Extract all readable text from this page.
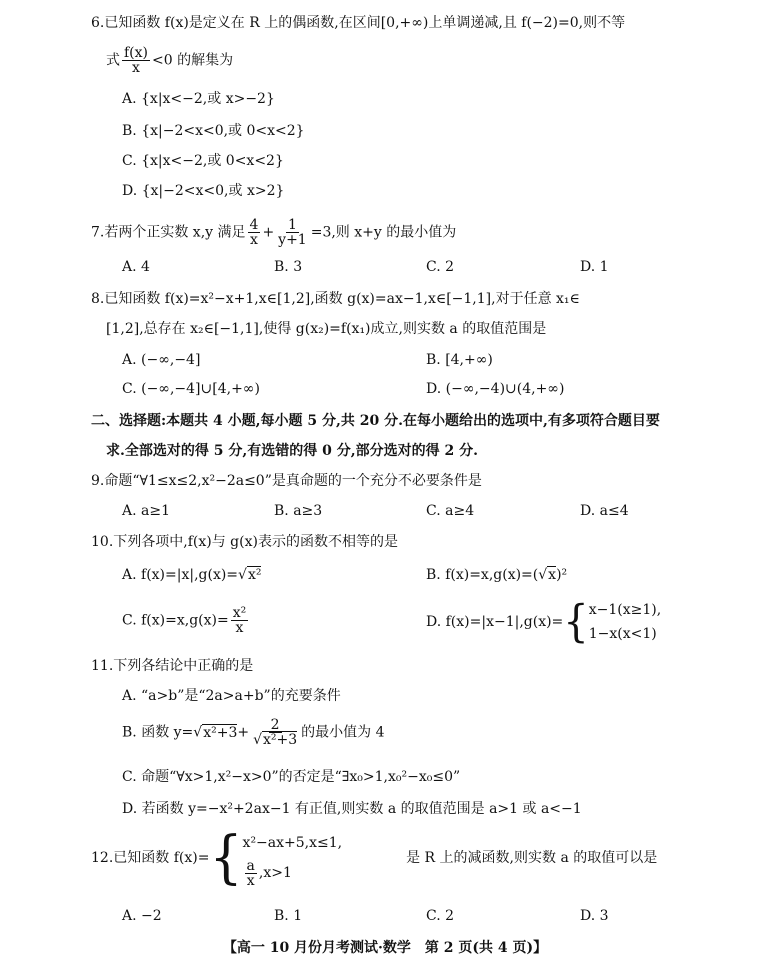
6.已知函数 f(x)是定义在 R 上的偶函数,在区间[0,+∞)上单调递减,且 f(−2)=0,则不等
式 $\frac{f(x)}{x} <0$ 的解集为
A. {x|x<−2,或 x>−2}
B. {x|−2<x<0,或 0<x<2}
C. {x|x<−2,或 0<x<2}
D. {x|−2<x<0,或 x>2}
7.若两个正实数 x,y 满足 $\frac{4}{x} + \frac{1}{y+1} =3$,则 x+y 的最小值为
A. 4	B. 3	C. 2	D. 1
8.已知函数 f(x)=x²−x+1,x∈[1,2],函数 g(x)=ax−1,x∈[−1,1],对于任意 x₁∈
[1,2],总存在 x₂∈[−1,1],使得 g(x₂)=f(x₁)成立,则实数 a 的取值范围是
A. (−∞,−4]	B. [4,+∞)
C. (−∞,−4]∪[4,+∞)	D. (−∞,−4)∪(4,+∞)
二、选择题:本题共 4 小题,每小题 5 分,共 20 分.在每小题给出的选项中,有多项符合题目要
求.全部选对的得 5 分,有选错的得 0 分,部分选对的得 2 分.
9.命题“∀1≤x≤2,x²−2a≤0”是真命题的一个充分不必要条件是
A. a≥1	B. a≥3	C. a≥4	D. a≤4
10.下列各项中,f(x)与 g(x)表示的函数不相等的是
A. f(x)=|x|,g(x)=√x²	B. f(x)=x,g(x)=(√x)²
C. $f(x)=x,g(x)= \frac{\text{x²}}{x}$	D. f(x)=|x−1|,g(x)={ x−1(x≥1),
1−x(x<1)
11.下列各结论中正确的是
A. “a>b”是“2a>a+b”的充要条件
B. 函数 $y=√x^2+3+ \frac{2}{\text{√x²+3}}$ 的最小值为 4
C. 命题“∀x>1,x²−x>0”的否定是“∃x₀>1,x₀²−x₀≤0”
D. 若函数 y=−x²+2ax−1 有正值,则实数 a 的取值范围是 a>1 或 a<−1
12.已知函数 f(x)={ x²−ax+5,x≤1,
$\frac{a}{x} ,x>1$
是 R 上的减函数,则实数 a 的取值可以是
A. −2	B. 1	C. 2	D. 3
【高一 10 月份月考测试·数学　第 2 页(共 4 页)】
